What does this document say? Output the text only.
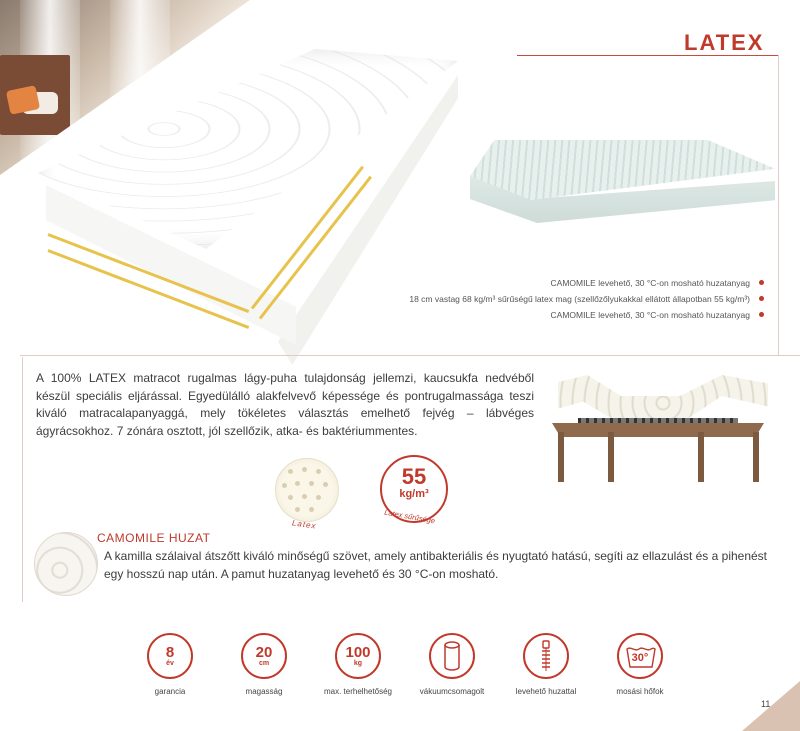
LATEX
CAMOMILE levehető, 30 °C-on mosható huzatanyag
18 cm vastag 68 kg/m³ sűrűségű latex mag (szellőzőlyukakkal ellátott állapotban 55 kg/m³)
CAMOMILE levehető, 30 °C-on mosható huzatanyag

A 100% LATEX matracot rugalmas lágy-puha tulajdonság jellemzi, kaucsukfa nedvéből készül speciális eljárással. Egyedülálló alakfelvevő képessége és pontrugalmassága teszi kiváló matracalapanyaggá, mely tökéletes választás emelhető fejvég – lábvéges ágyrácsokhoz. 7 zónára osztott, jól szellőzik, atka- és baktériummentes.

Latex
55
kg/m³
Latex sűrűsége
CAMOMILE HUZAT

A kamilla szálaival átszőtt kiváló minőségű szövet, amely antibakteriális és nyugtató hatású, segíti az ellazulást és a pihenést egy hosszú nap után. A pamut huzatanyag levehető és 30 °C-on mosható.

8
év
garancia
20
cm
magasság
100
kg
max. terhelhetőség	vákuumcsomagolt	levehető huzattal
30°
mosási hőfok
11
